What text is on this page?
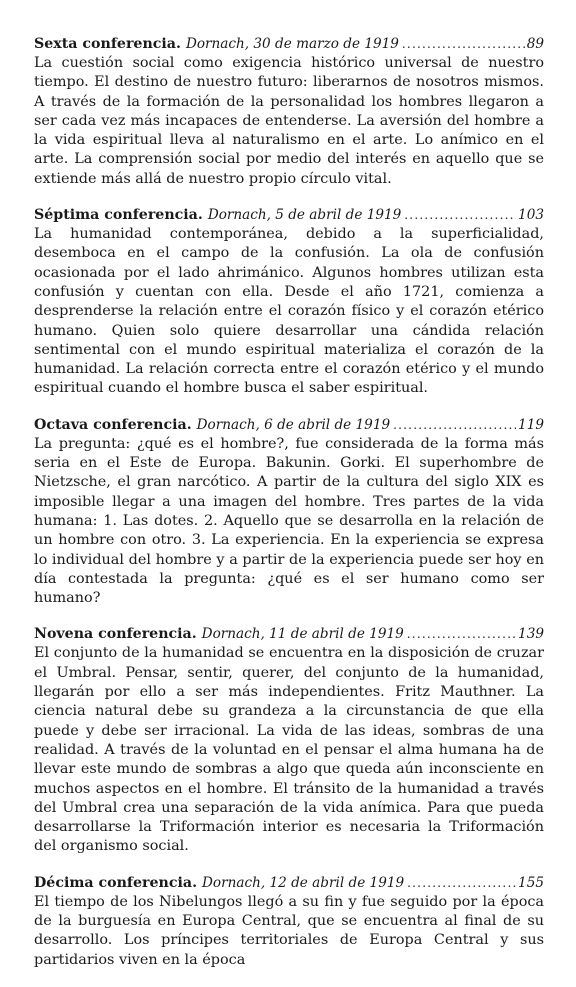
Sexta conferencia. Dornach, 30 de marzo de 1919 .....	89

La cuestión social como exigencia histórico universal de nuestro tiempo. El destino de nuestro futuro: liberarnos de nosotros mismos. A través de la formación de la personalidad los hombres llegaron a ser cada vez más incapaces de entenderse. La aversión del hombre a la vida espiritual lleva al naturalismo en el arte. Lo anímico en el arte. La comprensión social por medio del interés en aquello que se extiende más allá de nuestro propio círculo vital.

Séptima conferencia. Dornach, 5 de abril de 1919 .....	103

La humanidad contemporánea, debido a la superficialidad, desemboca en el campo de la confusión. La ola de confusión ocasionada por el lado ahrimánico. Algunos hombres utilizan esta confusión y cuentan con ella. Desde el año 1721, comienza a desprenderse la relación entre el corazón físico y el corazón etérico humano. Quien solo quiere desarrollar una cándida relación sentimental con el mundo espiritual materializa el corazón de la humanidad. La relación correcta entre el corazón etérico y el mundo espiritual cuando el hombre busca el saber espiritual.

Octava conferencia. Dornach, 6 de abril de 1919 .....	119

La pregunta: ¿qué es el hombre?, fue considerada de la forma más seria en el Este de Europa. Bakunin. Gorki. El superhombre de Nietzsche, el gran narcótico. A partir de la cultura del siglo XIX es imposible llegar a una imagen del hombre. Tres partes de la vida humana: 1. Las dotes. 2. Aquello que se desarrolla en la relación de un hombre con otro. 3. La experiencia. En la experiencia se expresa lo individual del hombre y a partir de la experiencia puede ser hoy en día contestada la pregunta: ¿qué es el ser humano como ser humano?

Novena conferencia. Dornach, 11 de abril de 1919 .....	139

El conjunto de la humanidad se encuentra en la disposición de cruzar el Umbral. Pensar, sentir, querer, del conjunto de la humanidad, llegarán por ello a ser más independientes. Fritz Mauthner. La ciencia natural debe su grandeza a la circunstancia de que ella puede y debe ser irracional. La vida de las ideas, sombras de una realidad. A través de la voluntad en el pensar el alma humana ha de llevar este mundo de sombras a algo que queda aún inconsciente en muchos aspectos en el hombre. El tránsito de la humanidad a través del Umbral crea una separación de la vida anímica. Para que pueda desarrollarse la Triformación interior es necesaria la Triformación del organismo social.

Décima conferencia. Dornach, 12 de abril de 1919 .....	155

El tiempo de los Nibelungos llegó a su fin y fue seguido por la época de la burguesía en Europa Central, que se encuentra al final de su desarrollo. Los príncipes territoriales de Europa Central y sus partidarios viven en la época
